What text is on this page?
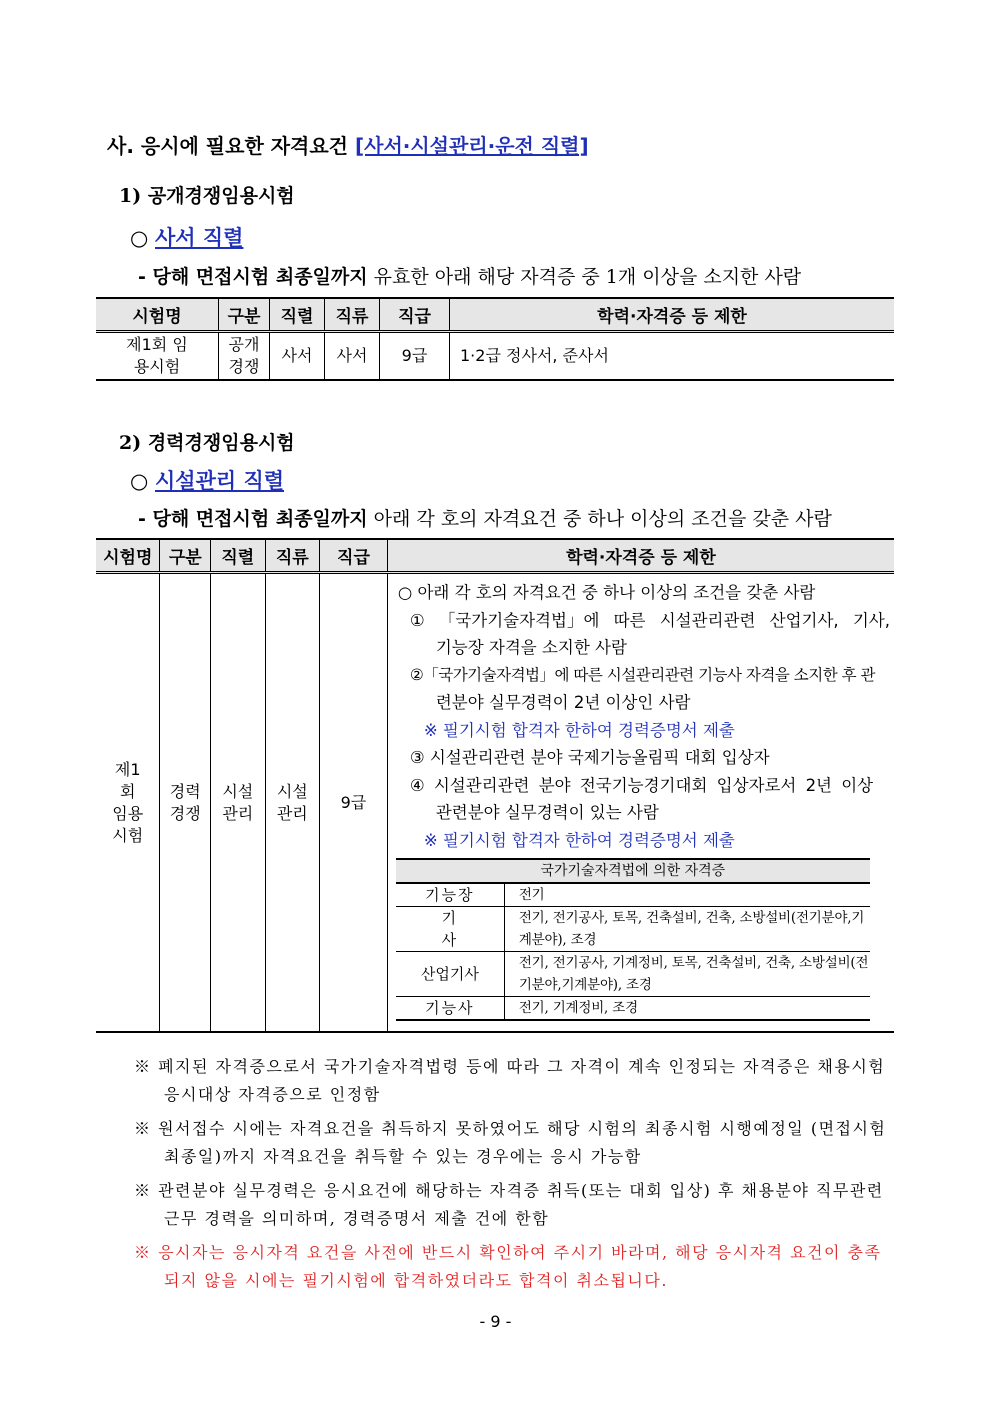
사. 응시에 필요한 자격요건 [사서·시설관리·운전 직렬]
1) 공개경쟁임용시험
○ 사서 직렬
- 당해 면접시험 최종일까지 유효한 아래 해당 자격증 중 1개 이상을 소지한 사람
시험명	구분	직렬	직류	직급	학력·자격증 등 제한
제1회 임용시험	공개 경쟁	사서	사서	9급	1·2급 정사서, 준사서
2) 경력경쟁임용시험
○ 시설관리 직렬
- 당해 면접시험 최종일까지 아래 각 호의 자격요건 중 하나 이상의 조건을 갖춘 사람
시험명	구분	직렬	직류	직급	학력·자격증 등 제한
제1회 임용 시험	경력 경쟁	시설 관리	시설 관리	9급	
○ 아래 각 호의 자격요건 중 하나 이상의 조건을 갖춘 사람
① 「국가기술자격법」에 따른 시설관리관련 산업기사, 기사,
기능장 자격을 소지한 사람
②「국가기술자격법」에 따른 시설관리관련 기능사 자격을 소지한 후 관
련분야 실무경력이 2년 이상인 사람
※ 필기시험 합격자 한하여 경력증명서 제출
③ 시설관리관련 분야 국제기능올림픽 대회 입상자
④ 시설관리관련 분야 전국기능경기대회 입상자로서 2년 이상
관련분야 실무경력이 있는 사람
※ 필기시험 합격자 한하여 경력증명서 제출
국가기술자격법에 의한 자격증
기능장	전기
기 사	전기, 전기공사, 토목, 건축설비, 건축, 소방설비(전기분야,기계분야), 조경
산업기사	전기, 전기공사, 기계정비, 토목, 건축설비, 건축, 소방설비(전기분야,기계분야), 조경
기능사	전기, 기계정비, 조경

※ 폐지된 자격증으로서 국가기술자격법령 등에 따라 그 자격이 계속 인정되는 자격증은 채용시험 응시대상 자격증으로 인정함

※ 원서접수 시에는 자격요건을 취득하지 못하였어도 해당 시험의 최종시험 시행예정일 (면접시험 최종일)까지 자격요건을 취득할 수 있는 경우에는 응시 가능함

※ 관련분야 실무경력은 응시요건에 해당하는 자격증 취득(또는 대회 입상) 후 채용분야 직무관련 근무 경력을 의미하며, 경력증명서 제출 건에 한함

※ 응시자는 응시자격 요건을 사전에 반드시 확인하여 주시기 바라며, 해당 응시자격 요건이 충족되지 않을 시에는 필기시험에 합격하였더라도 합격이 취소됩니다.

- 9 -
